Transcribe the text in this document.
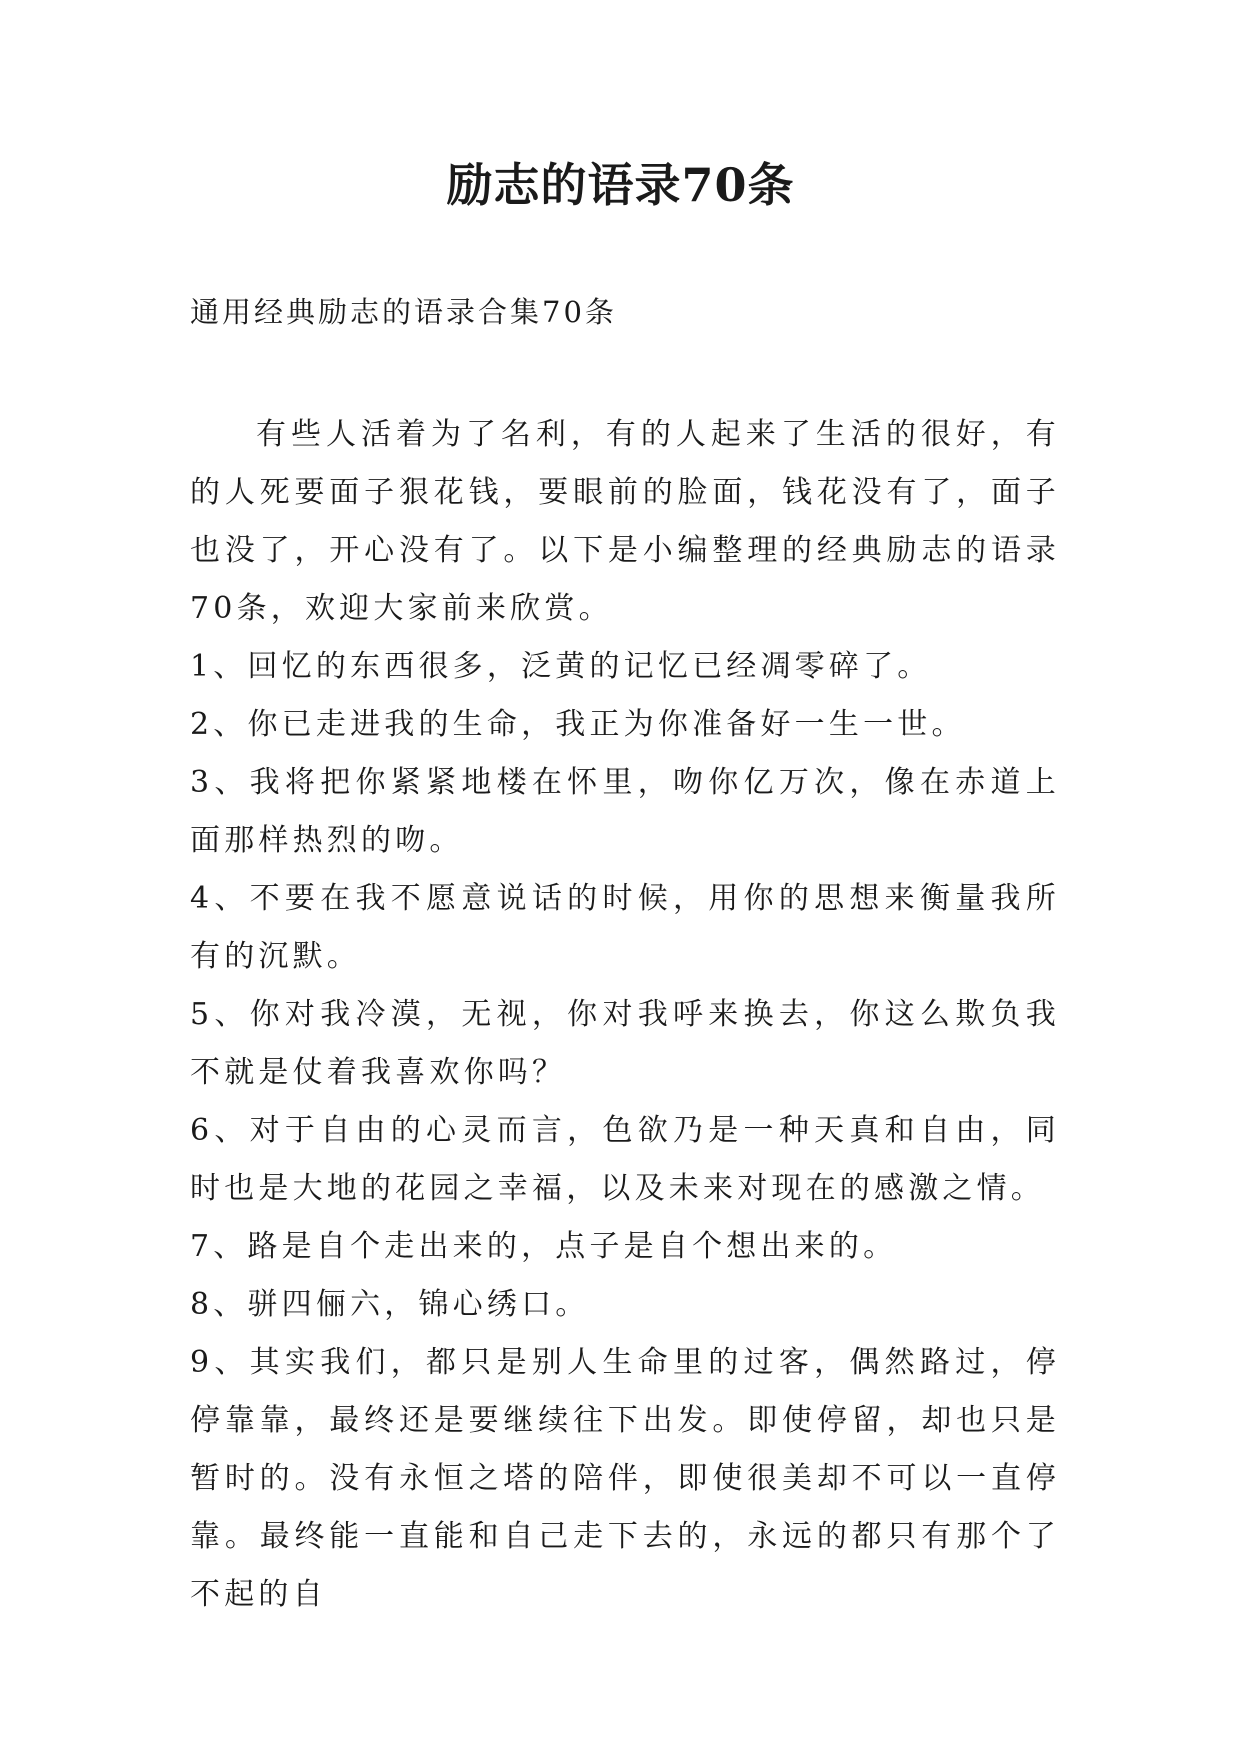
励志的语录70条
通用经典励志的语录合集70条

有些人活着为了名利，有的人起来了生活的很好，有的人死要面子狠花钱，要眼前的脸面，钱花没有了，面子也没了，开心没有了。以下是小编整理的经典励志的语录70条，欢迎大家前来欣赏。

1、回忆的东西很多，泛黄的记忆已经凋零碎了。

2、你已走进我的生命，我正为你准备好一生一世。

3、我将把你紧紧地楼在怀里，吻你亿万次，像在赤道上面那样热烈的吻。

4、不要在我不愿意说话的时候，用你的思想来衡量我所有的沉默。

5、你对我冷漠，无视，你对我呼来换去，你这么欺负我不就是仗着我喜欢你吗？

6、对于自由的心灵而言，色欲乃是一种天真和自由，同时也是大地的花园之幸福，以及未来对现在的感激之情。

7、路是自个走出来的，点子是自个想出来的。

8、骈四俪六，锦心绣口。

9、其实我们，都只是别人生命里的过客，偶然路过，停停靠靠，最终还是要继续往下出发。即使停留，却也只是暂时的。没有永恒之塔的陪伴，即使很美却不可以一直停靠。最终能一直能和自己走下去的，永远的都只有那个了不起的自
